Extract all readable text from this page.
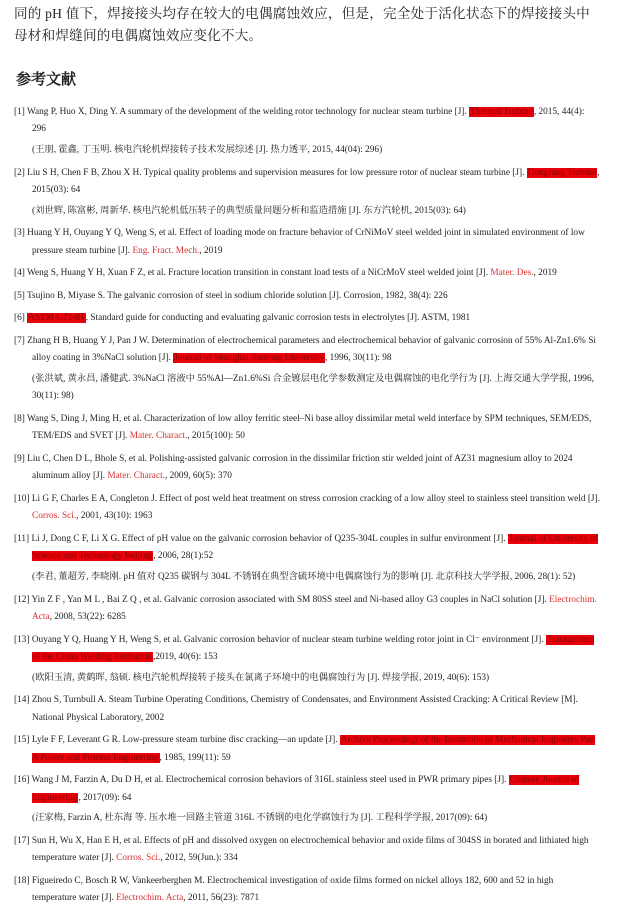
同的 pH 值下，焊接接头均存在较大的电偶腐蚀效应，但是，完全处于活化状态下的焊接接头中母材和焊缝间的电偶腐蚀效应变化不大。

参考文献

[1] Wang P, Huo X, Ding Y. A summary of the development of the welding rotor technology for nuclear steam turbine [J]. Thermal Turbine, 2015, 44(4): 296

(王朋, 霍鑫, 丁玉明. 核电汽轮机焊接转子技术发展综述 [J]. 热力透平, 2015, 44(04): 296)

[2] Liu S H, Chen F B, Zhou X H. Typical quality problems and supervision measures for low pressure rotor of nuclear steam turbine [J]. Dongfang Turbine, 2015(03): 64

(刘世辉, 陈富彬, 周新华. 核电汽轮机低压转子的典型质量问题分析和监造措施 [J]. 东方汽轮机, 2015(03): 64)

[3] Huang Y H, Ouyang Y Q, Weng S, et al. Effect of loading mode on fracture behavior of CrNiMoV steel welded joint in simulated environment of low pressure steam turbine [J]. Eng. Fract. Mech., 2019

[4] Weng S, Huang Y H, Xuan F Z, et al. Fracture location transition in constant load tests of a NiCrMoV steel welded joint [J]. Mater. Des., 2019

[5] Tsujino B, Miyase S. The galvanic corrosion of steel in sodium chloride solution [J]. Corrosion, 1982, 38(4): 226

[6] ASTM G71-81. Standard guide for conducting and evaluating galvanic corrosion tests in electrolytes [J]. ASTM, 1981

[7] Zhang H B, Huang Y J, Pan J W. Determination of electrochemical parameters and electrochemical behavior of galvanic corrosion of 55% Al-Zn1.6% Si alloy coating in 3%NaCl solution [J]. Journal of Shanghai Jiaotong University, 1996, 30(11): 98

(张洪斌, 黄永昌, 潘健武. 3%NaCl 溶液中 55%Al—Zn1.6%Si 合金镀层电化学参数测定及电偶腐蚀的电化学行为 [J]. 上海交通大学学报, 1996, 30(11): 98)

[8] Wang S, Ding J, Ming H, et al. Characterization of low alloy ferritic steel–Ni base alloy dissimilar metal weld interface by SPM techniques, SEM/EDS, TEM/EDS and SVET [J]. Mater. Charact., 2015(100): 50

[9] Liu C, Chen D L, Bhole S, et al. Polishing-assisted galvanic corrosion in the dissimilar friction stir welded joint of AZ31 magnesium alloy to 2024 aluminum alloy [J]. Mater. Charact., 2009, 60(5): 370

[10] Li G F, Charles E A, Congleton J. Effect of post weld heat treatment on stress corrosion cracking of a low alloy steel to stainless steel transition weld [J]. Corros. Sci., 2001, 43(10): 1963

[11] Li J, Dong C F, Li X G. Effect of pH value on the galvanic corrosion behavior of Q235-304L couples in sulfur environment [J]. Journal of University of Science and Technology Beijing, 2006, 28(1):52

(李君, 董超芳, 李晓刚. pH 值对 Q235 碳钢与 304L 不锈钢在典型含硫环境中电偶腐蚀行为的影响 [J]. 北京科技大学学报, 2006, 28(1): 52)

[12] Yin Z F , Yan M L , Bai Z Q , et al. Galvanic corrosion associated with SM 80SS steel and Ni-based alloy G3 couples in NaCl solution [J]. Electrochim. Acta, 2008, 53(22): 6285

[13] Ouyang Y Q, Huang Y H, Weng S, et al. Galvanic corrosion behavior of nuclear steam turbine welding rotor joint in Cl⁻ environment [J]. Transactions of the China Welding Institution,2019, 40(6): 153

(欧阳玉清, 黄鹤晖, 翁硕. 核电汽轮机焊接转子接头在氯离子环境中的电偶腐蚀行为 [J]. 焊接学报, 2019, 40(6): 153)

[14] Zhou S, Turnbull A. Steam Turbine Operating Conditions, Chemistry of Condensates, and Environment Assisted Cracking: A Critical Review [M]. National Physical Laboratory, 2002

[15] Lyle F F, Leverant G R. Low‐pressure steam turbine disc cracking—an update [J]. Archive Proceedings of the Institution of Mechanical Engineers Part A Power and Process Engineering, 1985, 199(11): 59

[16] Wang J M, Farzin A, Du D H, et al. Electrochemical corrosion behaviors of 316L stainless steel used in PWR primary pipes [J]. Chinese Journal of Engineering, 2017(09): 64

(汪家梅, Farzin A, 杜东海 等. 压水堆一回路主管道 316L 不锈钢的电化学腐蚀行为 [J]. 工程科学学报, 2017(09): 64)

[17] Sun H, Wu X, Han E H, et al. Effects of pH and dissolved oxygen on electrochemical behavior and oxide films of 304SS in borated and lithiated high temperature water [J]. Corros. Sci., 2012, 59(Jun.): 334

[18] Figueiredo C, Bosch R W, Vankeerberghen M. Electrochemical investigation of oxide films formed on nickel alloys 182, 600 and 52 in high temperature water [J]. Electrochim. Acta, 2011, 56(23): 7871
